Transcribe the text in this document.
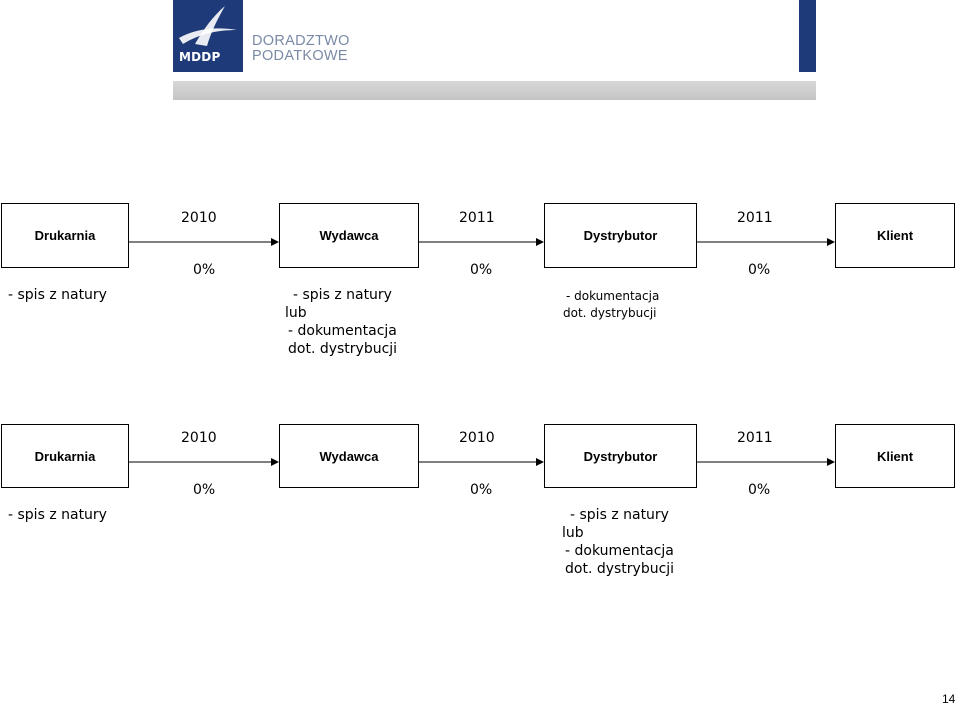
MDDP
DORADZTWO
PODATKOWE
Drukarnia	Wydawca	Dystrybutor	Klient
2010	2011	2011
0%	0%	0%
- spis z natury	- spis z natury
lub
- dokumentacja
dot. dystrybucji
- dokumentacja
dot. dystrybucji
Drukarnia	Wydawca	Dystrybutor	Klient
2010	2010	2011
0%	0%	0%
- spis z natury	- spis z natury
lub
- dokumentacja
dot. dystrybucji
14
